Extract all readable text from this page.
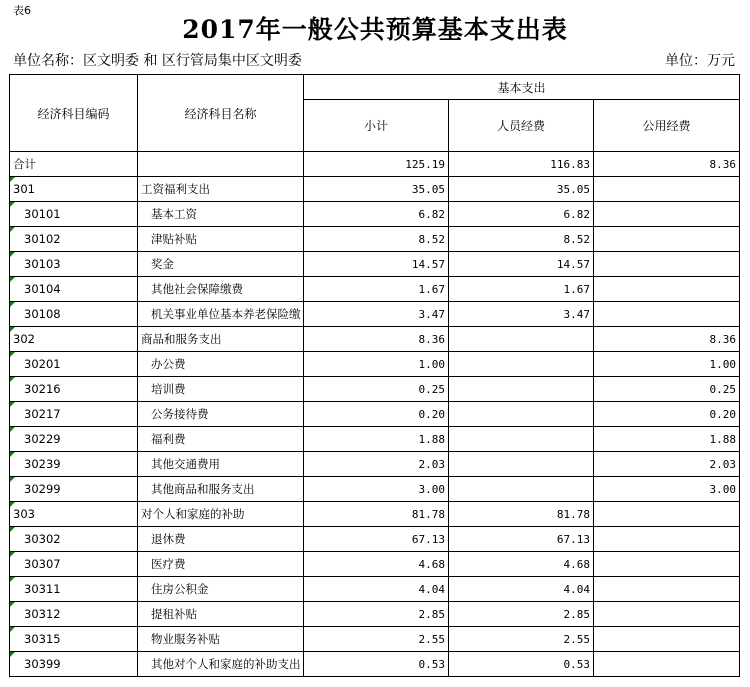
表6
2017年一般公共预算基本支出表
单位名称：区文明委 和 区行管局集中区文明委	单位：万元
经济科目编码	经济科目名称	基本支出		
		小计	人员经费	公用经费
合计		125.19	116.83	8.36
301	工资福利支出	35.05	35.05	
30101	基本工资	6.82	6.82	
30102	津贴补贴	8.52	8.52	
30103	奖金	14.57	14.57	
30104	其他社会保障缴费	1.67	1.67	
30108	机关事业单位基本养老保险缴	3.47	3.47	
302	商品和服务支出	8.36		8.36
30201	办公费	1.00		1.00
30216	培训费	0.25		0.25
30217	公务接待费	0.20		0.20
30229	福利费	1.88		1.88
30239	其他交通费用	2.03		2.03
30299	其他商品和服务支出	3.00		3.00
303	对个人和家庭的补助	81.78	81.78	
30302	退休费	67.13	67.13	
30307	医疗费	4.68	4.68	
30311	住房公积金	4.04	4.04	
30312	提租补贴	2.85	2.85	
30315	物业服务补贴	2.55	2.55	
30399	其他对个人和家庭的补助支出	0.53	0.53	
